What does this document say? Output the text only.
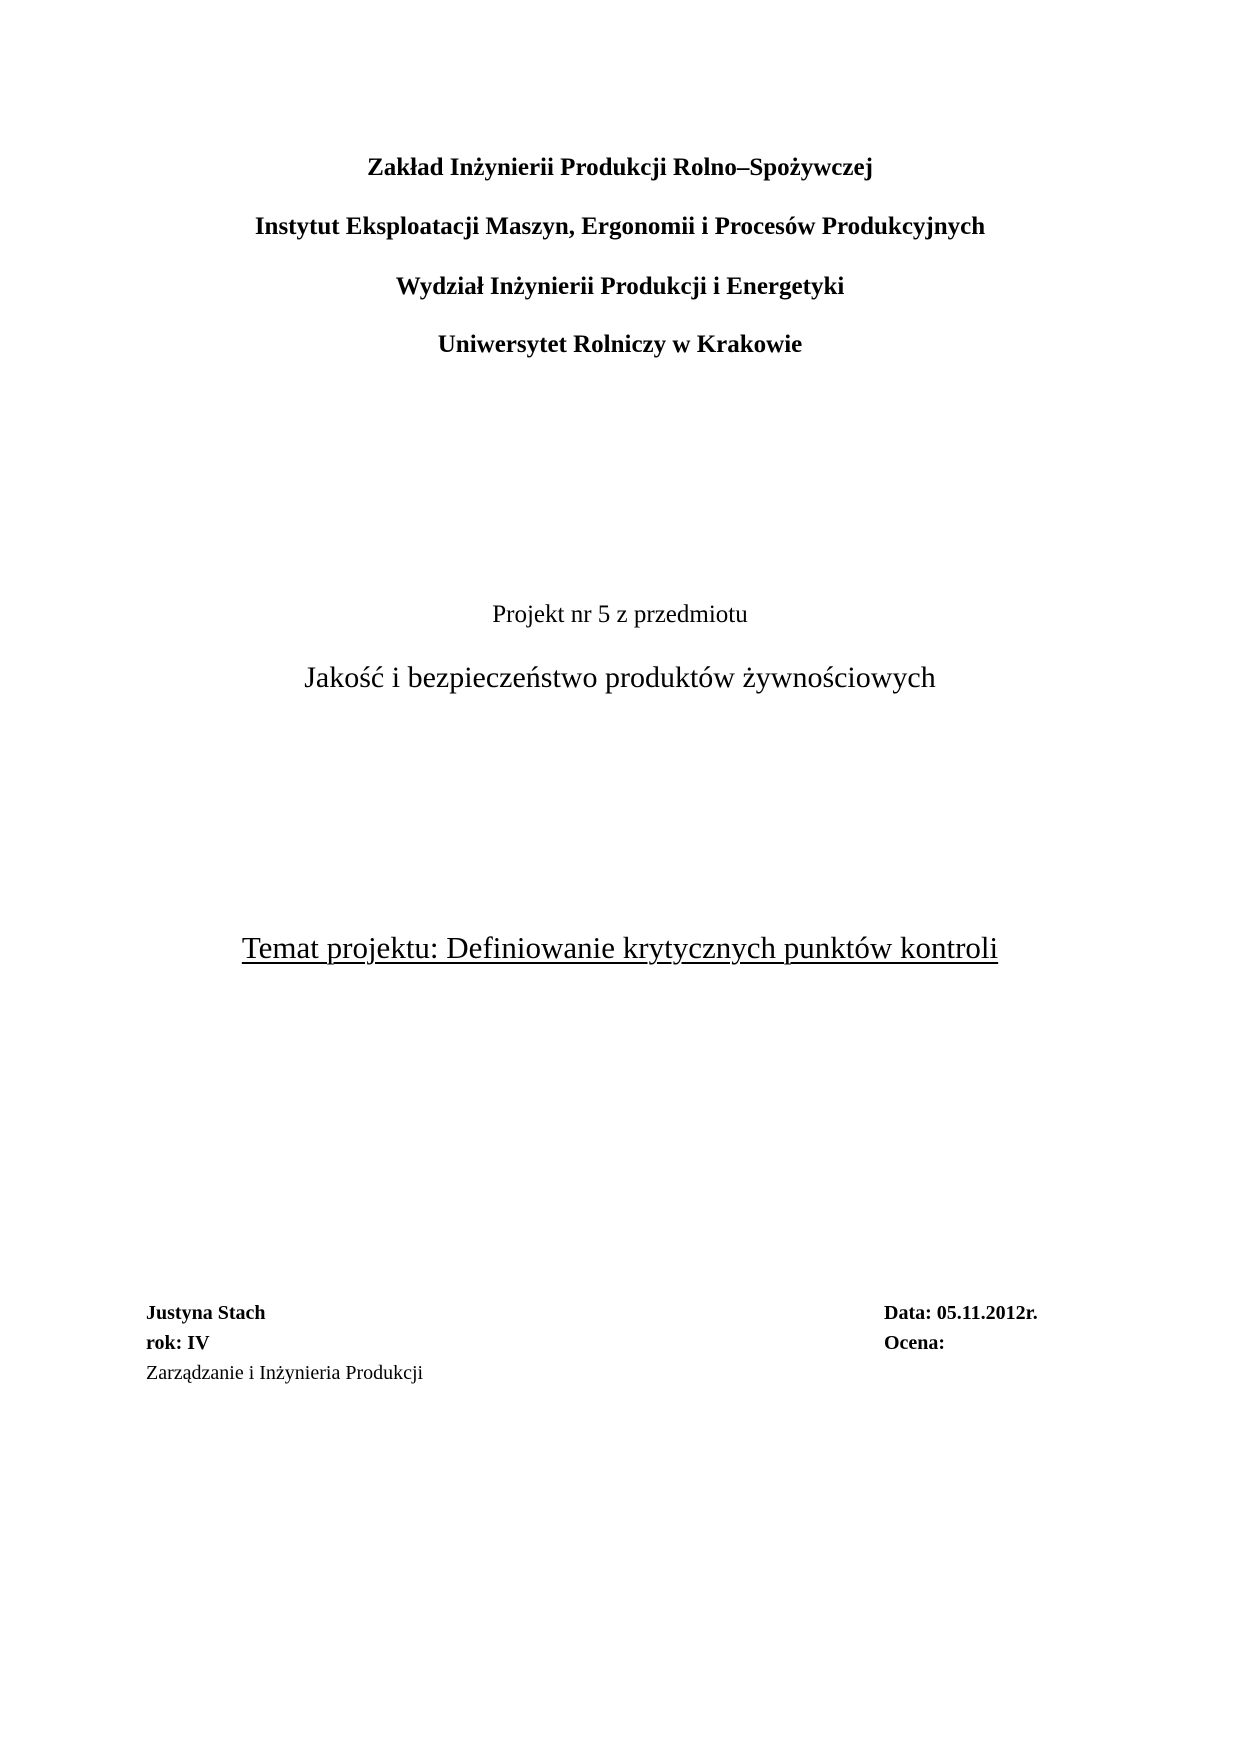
Zakład Inżynierii Produkcji Rolno–Spożywczej
Instytut Eksploatacji Maszyn, Ergonomii i Procesów Produkcyjnych
Wydział Inżynierii Produkcji i Energetyki
Uniwersytet Rolniczy w Krakowie
Projekt nr 5 z przedmiotu
Jakość i bezpieczeństwo produktów żywnościowych
Temat projektu: Definiowanie krytycznych punktów kontroli
Justyna Stach
rok: IV
Zarządzanie i Inżynieria Produkcji
Data: 05.11.2012r.
Ocena:
